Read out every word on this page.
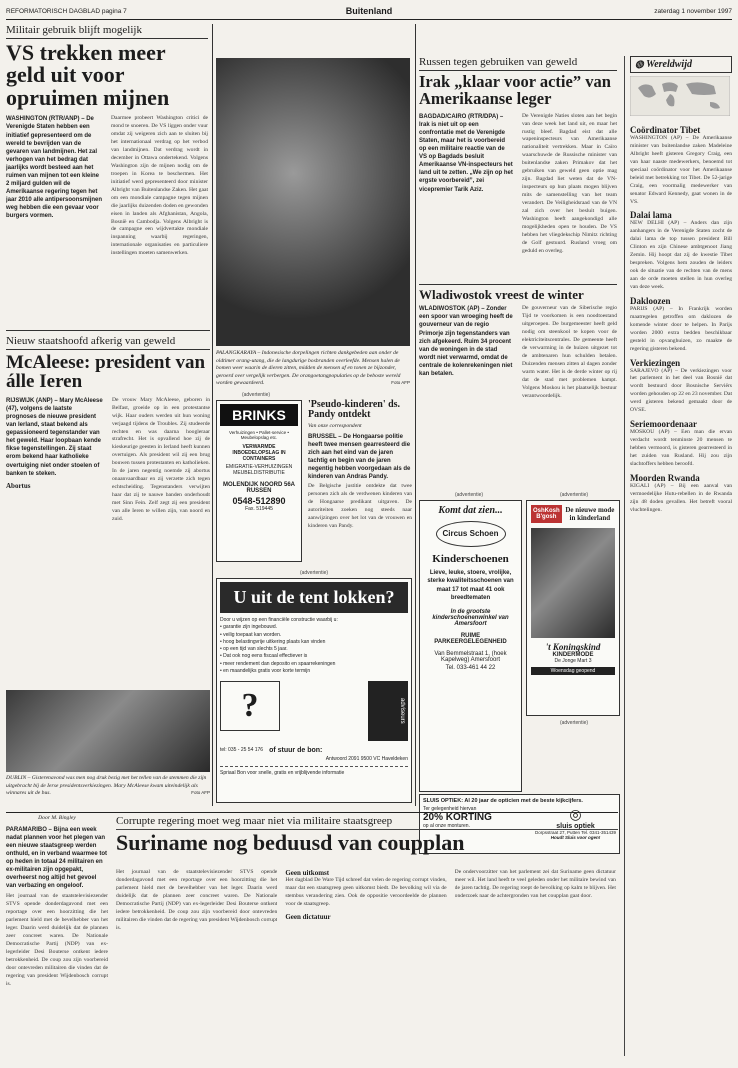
REFORMATORISCH DAGBLAD pagina 7	Buitenland	zaterdag 1 november 1997
Militair gebruik blijft mogelijk
VS trekken meer geld uit voor opruimen mijnen
WASHINGTON (RTR/ANP) – De Verenigde Staten hebben een initiatief gepresenteerd om de wereld te bevrijden van de gevaren van landmijnen. Het zal verhogen van het bedrag dat jaarlijks wordt besteed aan het ruimen van mijnen tot een kleine 2 miljard gulden wil de Amerikaanse regering tegen het jaar 2010 alle antipersoonsmijnen weg hebben die een gevaar voor burgers vormen.
Daarmee probeert Washington critici de mond te snoeren. De VS liggen onder vuur omdat zij weigeren zich aan te sluiten bij het internationaal verdrag op het verbod van landmijnen. Dat verdrag wordt in december in Ottawa ondertekend. Volgens Washington zijn de mijnen nodig om de troepen in Korea te beschermen. Het initiatief werd gepresenteerd door minister Albright van Buitenlandse Zaken. Het gaat om een mondiale campagne tegen mijnen die jaarlijks duizenden doden en gewonden eisen in landen als Afghanistan, Angola, Bosnië en Cambodja. Volgens Albright is de campagne een wijdvertakte mondiale inspanning waarbij regeringen, internationale organisaties en particuliere instellingen moeten samenwerken.
PALANGKARAYA – Indonesische dorpelingen richten dankgebeden aan onder de oldtimer orang-utang, die de langdurige bosbranden overleefde. Mensen halen de bomen weer waarin de dieren zitten, midden de mensen af en tonen ze bijzonder, geroerd over vergelijk verbergen. De orangoetangpopulaties op de beboste wereld worden gewaardeerd.	Foto AFP
Russen tegen gebruiken van geweld
Irak „klaar voor actie” van Amerikaanse leger
BAGDAD/CAIRO (RTR/DPA) – Irak is niet uit op een confrontatie met de Verenigde Staten, maar het is voorbereid op een militaire reactie van de VS op Bagdads besluit Amerikaanse VN-inspecteurs het land uit te zetten. „We zijn op het ergste voorbereid”, zei vicepremier Tarik Aziz.
De Verenigde Naties sloten aan het begin van deze week het land uit, en maar het rustig bleef. Bagdad eist dat alle wapeninspecteurs van Amerikaanse nationaliteit vertrekken. Maar in Caïro waarschuwde de Russische minister van buitenlandse zaken Primakov dat het gebruiken van geweld geen optie mag zijn. Bagdad liet weten dat de VN-inspecteurs op hun plaats mogen blijven mits de samenstelling van het team verandert. De Veiligheidsraad van de VN zal zich over het besluit buigen. Washington heeft aangekondigd alle mogelijkheden open te houden. De VS hebben het vliegdekschip Nimitz richting de Golf gestuurd. Rusland vroeg om geduld en overleg.
◍ Wereldwijd
Coördinator Tibet
WASHINGTON (AP) – De Amerikaanse minister van buitenlandse zaken Madeleine Albright heeft gisteren Gregory Craig, een van haar naaste medewerkers, benoemd tot speciaal coördinator voor het Amerikaanse beleid met betrekking tot Tibet. De 52-jarige Craig, een voormalig medewerker van senator Edward Kennedy, gaat wonen in de VS.
Dalai lama
NEW DELHI (AP) – Anders dan zijn aanhangers in de Verenigde Staten zocht de dalai lama de top tussen president Bill Clinton en zijn Chinese ambtgenoot Jiang Zemin. Hij hoopt dat zij de kwestie Tibet bespreken. Volgens hem zouden de leiders ook de situatie van de rechten van de mens aan de orde moeten stellen in hun overleg van deze week.
Dakloozen
PARIJS (AP) – In Frankrijk worden maatregelen getroffen om daklozen de komende winter door te helpen. In Parijs worden 2000 extra bedden beschikbaar gesteld in opvanghuizen, zo maakte de regering gisteren bekend.
Verkiezingen
SARAJEVO (AP) – De verkiezingen voor het parlement in het deel van Bosnië dat wordt bestuurd door Bosnische Serviërs worden gehouden op 22 en 23 november. Dat werd gisteren bekend gemaakt door de OVSE.
Seriemoordenaar
MOSKOU (AP) – Een man die ervan verdacht wordt tenminste 20 mensen te hebben vermoord, is gisteren gearresteerd in het zuiden van Rusland. Hij zou zijn slachtoffers hebben beroofd.
Moorden Rwanda
KIGALI (AP) – Bij een aanval van vermoedelijke Hutu-rebellen in de Rwanda zijn 48 doden gevallen. Het betreft vooral vluchtelingen.
Wladiwostok vreest de winter
WLADIWOSTOK (AP) – Zonder een spoor van wroeging heeft de gouverneur van de regio Primorje zijn tegenstanders van zich afgekeerd. Ruim 34 procent van de woningen in de stad wordt niet verwarmd, omdat de centrale de kolenrekeningen niet kan betalen.
De gouverneur van de Siberische regio Tijd te voorkomen is een noodtoestand uitgeroepen. De burgemeester heeft geld nodig om steenkool te kopen voor de elektriciteitscentrales. De gemeente heeft de verwarming in de huizen uitgezet tot de ambtenaren hun schulden betalen. Duizenden mensen zitten al dagen zonder warm water. Het is de derde winter op rij dat de stad met problemen kampt. Volgens Moskou is het plaatselijk bestuur verantwoordelijk.
Nieuw staatshoofd afkerig van geweld
McAleese: president van álle Ieren
RIJSWIJK (ANP) – Mary McAleese (47), volgens de laatste prognoses de nieuwe president van Ierland, staat bekend als gepassioneerd tegenstander van het geweld. Haar loopbaan kende fikse tegenstellingen. Zij staat erom bekend haar katholieke overtuiging niet onder stoelen of banken te steken.
Abortus
De vrouw Mary McAleese, geboren in Belfast, groeide op in een protestantse wijk. Haar ouders werden uit hun woning verjaagd tijdens de Troubles. Zij studeerde rechten en was daarna hoogleraar strafrecht. Het is opvallend hoe zij de kieskeurige geesten in Ierland heeft kunnen overtuigen. Als president wil zij een brug bouwen tussen protestanten en katholieken. In de jaren negentig noemde zij abortus onaanvaardbaar en zij verzette zich tegen echtscheiding. Tegenstanders verwijten haar dat zij te nauwe banden onderhoudt met Sinn Fein. Zelf zegt zij een president van alle Ieren te willen zijn, van noord en zuid.
DUBLIN – Gisterenavond was men nog druk bezig met het tellen van de stemmen die zijn uitgebracht bij de Ierse presidentsverkiezingen. Mary McAleese kwam uiteindelijk als winnares uit de bus.	Foto AFP
(advertentie)
BRINKS
Verhuizingen • Pallet-service • Meubelopslag etc.
VERWARMDE INBOEDELOPSLAG IN CONTAINERS
EMIGRATIE-VERHUIZINGEN MEUBELDISTRIBUTIE
MOLENDIJK NOORD 56A RUSSEN
0548-512890
Fax. 519445
'Pseudo-kinderen' ds. Pandy ontdekt
Van onze correspondent
BRUSSEL – De Hongaarse politie heeft twee mensen gearresteerd die zich aan het eind van de jaren tachtig en begin van de jaren negentig hebben voorgedaan als de kinderen van Andras Pandy.
De Belgische justitie ontdekte dat twee personen zich als de verdwenen kinderen van de Hongaarse predikant uitgaven. De autoriteiten zoeken nog steeds naar aanwijzingen over het lot van de vrouwen en kinderen van Pandy.
(advertentie)
Komt dat zien...
Circus Schoen
Kinderschoenen
Lieve, leuke, stoere, vrolijke, sterke kwaliteitsschoenen van maat 17 tot maat 41 ook breedtematen
In de grootste kinderschoenenwinkel van Amersfoort
RUIME PARKEERGELEGENHEID
Van Bemmelstraat 1, (hoek Kapelweg) Amersfoort
Tel. 033-461 44 22
(advertentie)
OshKosh B'gosh
De nieuwe mode in kinderland
't Koningskind
KINDERMODE
De Jonge Mart 3
Woensdag geopend
(advertentie)
U uit de tent lokken?
Door u wijzen op een financiële constructie waarbij u:
• garantie zijn ingebouwd.
• veilig toepaat kan worden.
• hoog belastingvrije uitkering plaats kan vinden
• op een tijd van slechts 5 jaar.
• Dat ook nog eens fiscaal effectiever is
• meer rendement dan deposito en spaarrekeningen
• en maandelijks gratis voor korte termijn
?	adviseurs
tel: 035 - 25 54 176 of stuur de bon:
Antwoord 2091 9500 VC Haveldeken
Spriaal Bon voor snelle, gratis en vrijblijvende informatie
(advertentie)
SLUIS OPTIEK: Al 20 jaar de opticien met de beste kijkcijfers.
Ter gelegenheid hiervan
20% KORTING
op al onze monturen.
◎
sluis optiek
Dorpsstraat 27, Putten Tel. 0341-351439
Houdt Sluis voor ogen!
Corrupte regering moet weg maar niet via militaire staatsgreep
Suriname nog beduusd van coupplan
Door M. Bingley
PARAMARIBO – Bijna een week nadat plannen voor het plegen van een nieuwe staatsgreep werden onthuld, en in verband waarmee tot op heden in totaal 24 militairen en ex-militairen zijn opgepakt, overheerst nog altijd het gevoel van verbazing en ongeloof.
Het journaal van de staatstelevisiezender STVS opende donderdagavond met een reportage over een hoorzitting die het parlement hield met de bevelhebber van het leger. Daarin werd duidelijk dat de plannen zeer concreet waren. De Nationale Democratische Partij (NDP) van ex-legerleider Desi Bouterse ontkent iedere betrokkenheid. De coup zou zijn voorbereid door ontevreden militairen die vinden dat de regering van president Wijdenbosch corrupt is.
Het journaal van de staatstelevisiezender STVS opende donderdagavond met een reportage over een hoorzitting die het parlement hield met de bevelhebber van het leger. Daarin werd duidelijk dat de plannen zeer concreet waren. De Nationale Democratische Partij (NDP) van ex-legerleider Desi Bouterse ontkent iedere betrokkenheid. De coup zou zijn voorbereid door ontevreden militairen die vinden dat de regering van president Wijdenbosch corrupt is.
Geen uitkomst
Het dagblad De Ware Tijd schreef dat velen de regering corrupt vinden, maar dat een staatsgreep geen uitkomst biedt. De bevolking wil via de stembus verandering zien. Ook de oppositie veroordeelde de plannen voor de staatsgreep.
Geen dictatuur
De ondervoorzitter van het parlement zei dat Suriname geen dictatuur meer wil. Het land heeft te veel geleden onder het militaire bewind van de jaren tachtig. De regering roept de bevolking op kalm te blijven. Het onderzoek naar de achtergronden van het coupplan gaat door.
